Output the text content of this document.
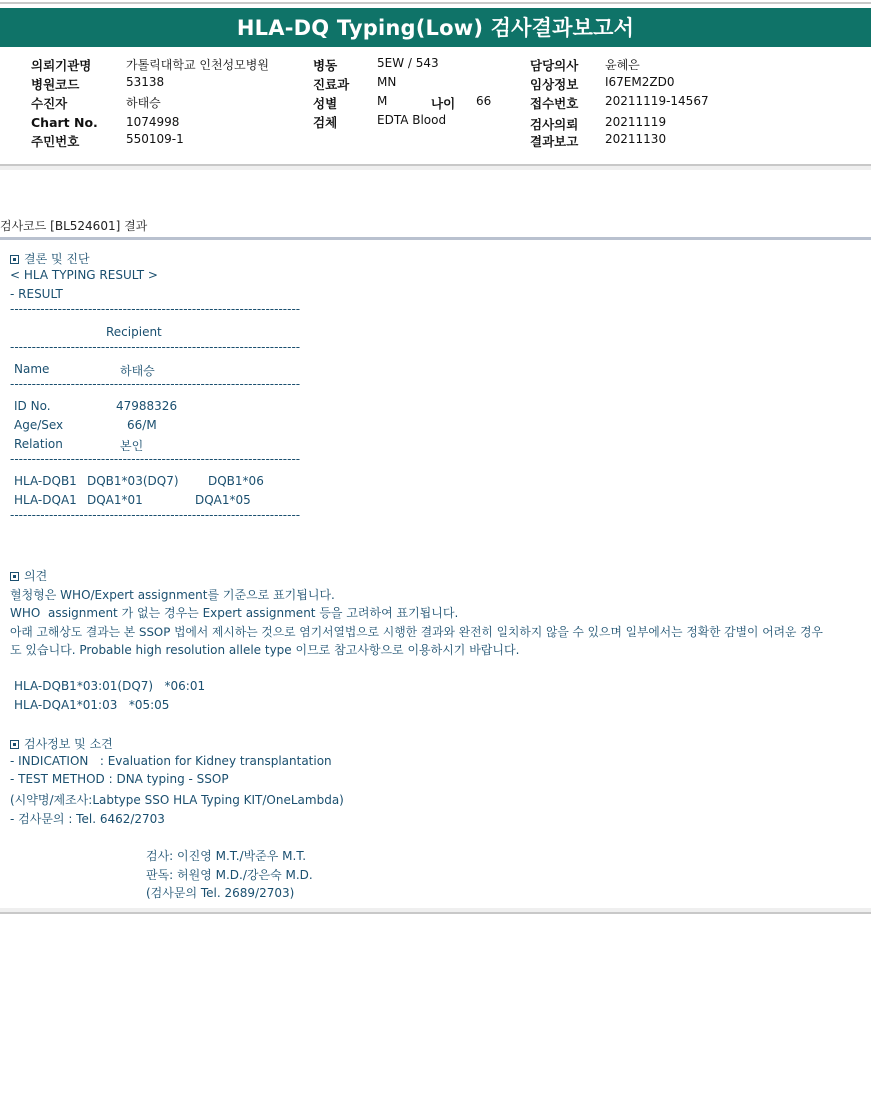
HLA-DQ Typing(Low) 검사결과보고서
의뢰기관명	가톨릭대학교 인천성모병원
병원코드	53138
수진자	하태승
Chart No. 1074998
주민번호	550109-1
병동	5EW / 543
진료과 MN
성별	M	나이 66
검체	EDTA Blood
담당의사 윤혜은
임상정보 I67EM2ZD0
접수번호 20211119-14567
검사의뢰 20211119
결과보고 20211130
검사코드 [BL524601] 결과
결론 및 진단
< HLA TYPING RESULT >
- RESULT
-------------------------------------------------------------------
Recipient
-------------------------------------------------------------------
Name	하태승
-------------------------------------------------------------------
ID No.	47988326
Age/Sex	66/M
Relation	본인
-------------------------------------------------------------------
HLA-DQB1 DQB1*03(DQ7) DQB1*06
HLA-DQA1 DQA1*01	DQA1*05
-------------------------------------------------------------------
의견
혈청형은 WHO/Expert assignment를 기준으로 표기됩니다.
WHO  assignment 가 없는 경우는 Expert assignment 등을 고려하여 표기됩니다.
아래 고해상도 결과는 본 SSOP 법에서 제시하는 것으로 염기서열법으로 시행한 결과와 완전히 일치하지 않을 수 있으며 일부에서는 정확한 감별이 어려운 경우
도 있습니다. Probable high resolution allele type 이므로 참고사항으로 이용하시기 바랍니다.
HLA-DQB1*03:01(DQ7)   *06:01
HLA-DQA1*01:03   *05:05
검사정보 및 소견
- INDICATION   : Evaluation for Kidney transplantation
- TEST METHOD : DNA typing - SSOP
(시약명/제조사:Labtype SSO HLA Typing KIT/OneLambda)
- 검사문의 : Tel. 6462/2703
검사: 이진영 M.T./박준우 M.T.
판독: 허원영 M.D./강은숙 M.D.
(검사문의 Tel. 2689/2703)
